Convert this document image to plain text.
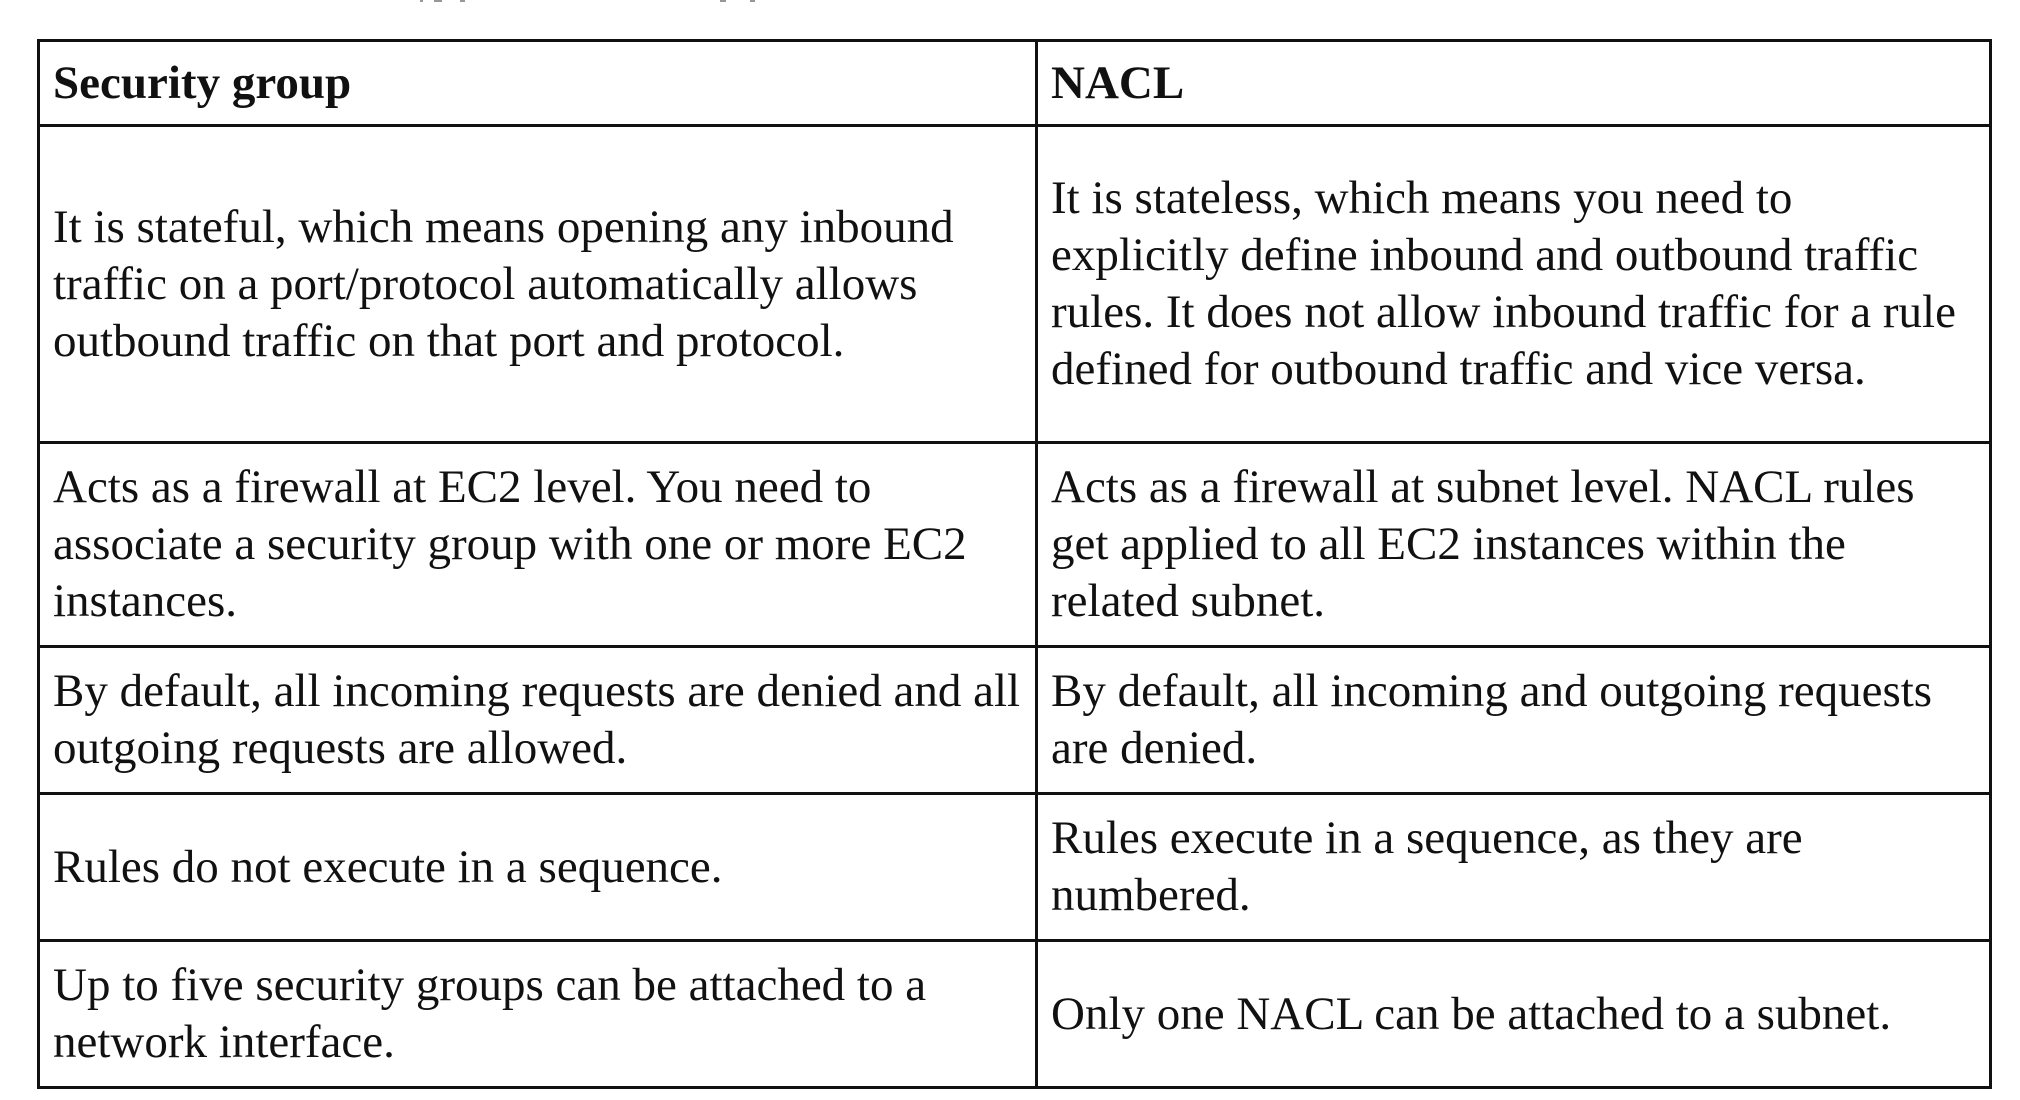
Security group	NACL
It is stateful, which means opening any inbound traffic on a port/protocol automatically allows outbound traffic on that port and protocol.	It is stateless, which means you need to explicitly define inbound and outbound traffic rules. It does not allow inbound traffic for a rule defined for outbound traffic and vice versa.
Acts as a firewall at EC2 level. You need to associate a security group with one or more EC2 instances.	Acts as a firewall at subnet level. NACL rules get applied to all EC2 instances within the related subnet.
By default, all incoming requests are denied and all outgoing requests are allowed.	By default, all incoming and outgoing requests are denied.
Rules do not execute in a sequence.	Rules execute in a sequence, as they are numbered.
Up to five security groups can be attached to a network interface.	Only one NACL can be attached to a subnet.
